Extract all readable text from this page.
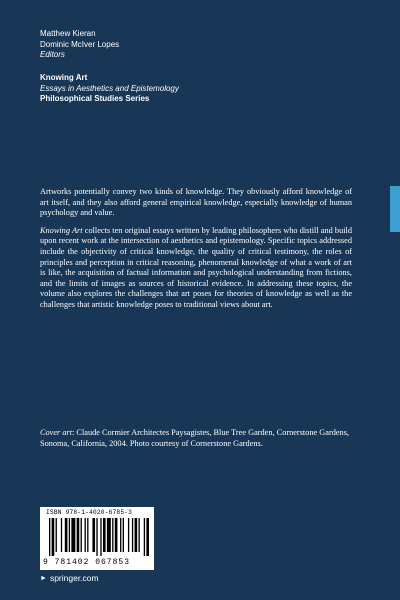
Matthew Kieran
Dominic McIver Lopes
Editors
Knowing Art
Essays in Aesthetics and Epistemology
Philosophical Studies Series

Artworks potentially convey two kinds of knowledge. They obviously afford knowledge of art itself, and they also afford general empirical knowledge, especially knowledge of human psychology and value.

Knowing Art collects ten original essays written by leading philosophers who distill and build upon recent work at the intersection of aesthetics and epistemology. Specific topics addressed include the objectivity of critical knowledge, the quality of critical testimony, the roles of principles and perception in critical reasoning, phenomenal knowledge of what a work of art is like, the acquisition of factual information and psychological understanding from fictions, and the limits of images as sources of historical evidence. In addressing these topics, the volume also explores the challenges that art poses for theories of knowledge as well as the challenges that artistic knowledge poses to traditional views about art.

Cover art: Claude Cormier Architectes Paysagistes, Blue Tree Garden, Cornerstone Gardens, Sonoma, California, 2004. Photo courtesy of Cornerstone Gardens.
ISBN 978-1-4020-6785-3
9 781402 067853
► springer.com
